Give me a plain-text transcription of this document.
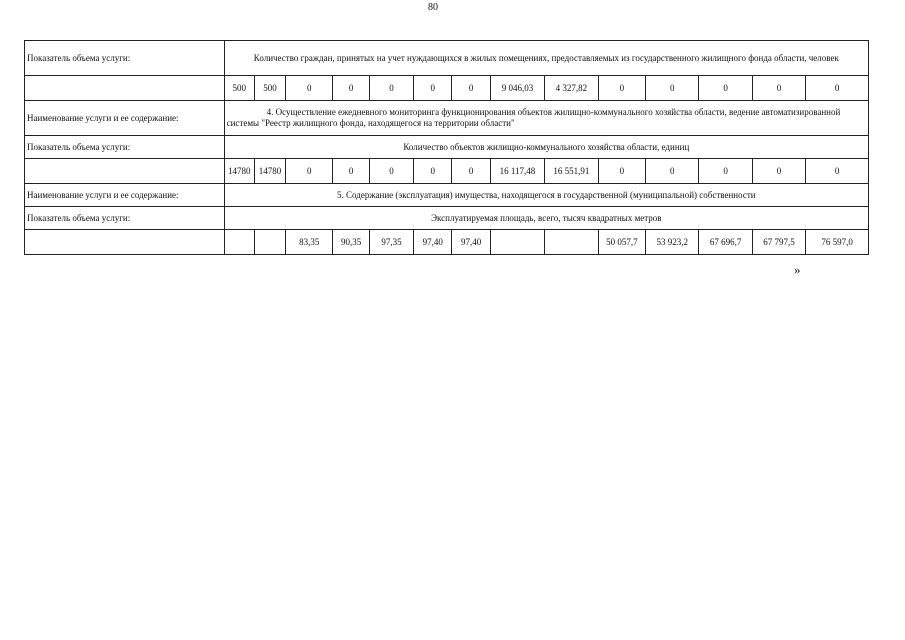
80
Показатель объема услуги:	Количество граждан, принятых на учет нуждающихся в жилых помещениях, предоставляемых из государственного жилищного фонда области, человек													
	500	500	0	0	0	0	0	9 046,03	4 327,82	0	0	0	0	0
Наименование услуги и ее содержание:	4. Осуществление ежедневного мониторинга функционирования объектов жилищно-коммунального хозяйства области, ведение автоматизированной системы "Реестр жилищного фонда, находящегося на территории области"													
Показатель объема услуги:	Количество объектов жилищно-коммунального хозяйства области, единиц													
	14780	14780	0	0	0	0	0	16 117,48	16 551,91	0	0	0	0	0
Наименование услуги и ее содержание:	5. Содержание (эксплуатация) имущества, находящегося в государственной (муниципальной) собственности													
Показатель объема услуги:	Эксплуатируемая площадь, всего, тысяч квадратных метров													
			83,35	90,35	97,35	97,40	97,40			50 057,7	53 923,2	67 696,7	67 797,5	76 597,0
»
